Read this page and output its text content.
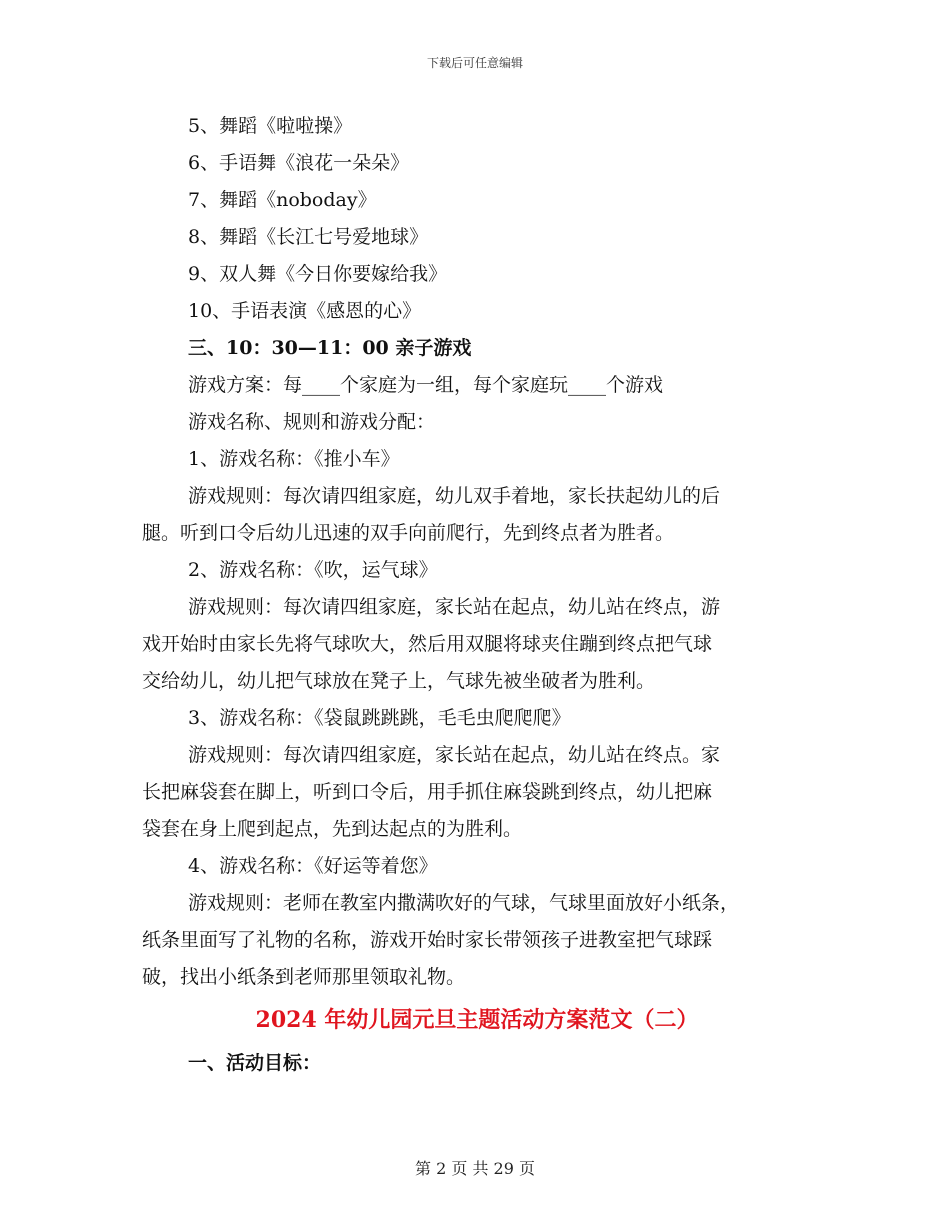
下载后可任意编辑
5、舞蹈《啦啦操》
6、手语舞《浪花一朵朵》
7、舞蹈《noboday》
8、舞蹈《长江七号爱地球》
9、双人舞《今日你要嫁给我》
10、手语表演《感恩的心》
三、10：30—11：00 亲子游戏
游戏方案：每____个家庭为一组，每个家庭玩____个游戏
游戏名称、规则和游戏分配：
1、游戏名称：《推小车》
游戏规则：每次请四组家庭，幼儿双手着地，家长扶起幼儿的后
腿。听到口令后幼儿迅速的双手向前爬行，先到终点者为胜者。
2、游戏名称：《吹，运气球》
游戏规则：每次请四组家庭，家长站在起点，幼儿站在终点，游
戏开始时由家长先将气球吹大，然后用双腿将球夹住蹦到终点把气球
交给幼儿，幼儿把气球放在凳子上，气球先被坐破者为胜利。
3、游戏名称：《袋鼠跳跳跳，毛毛虫爬爬爬》
游戏规则：每次请四组家庭，家长站在起点，幼儿站在终点。家
长把麻袋套在脚上，听到口令后，用手抓住麻袋跳到终点，幼儿把麻
袋套在身上爬到起点，先到达起点的为胜利。
4、游戏名称：《好运等着您》
游戏规则：老师在教室内撒满吹好的气球，气球里面放好小纸条，
纸条里面写了礼物的名称，游戏开始时家长带领孩子进教室把气球踩
破，找出小纸条到老师那里领取礼物。
2024 年幼儿园元旦主题活动方案范文（二）
一、活动目标：
第 2 页 共 29 页
